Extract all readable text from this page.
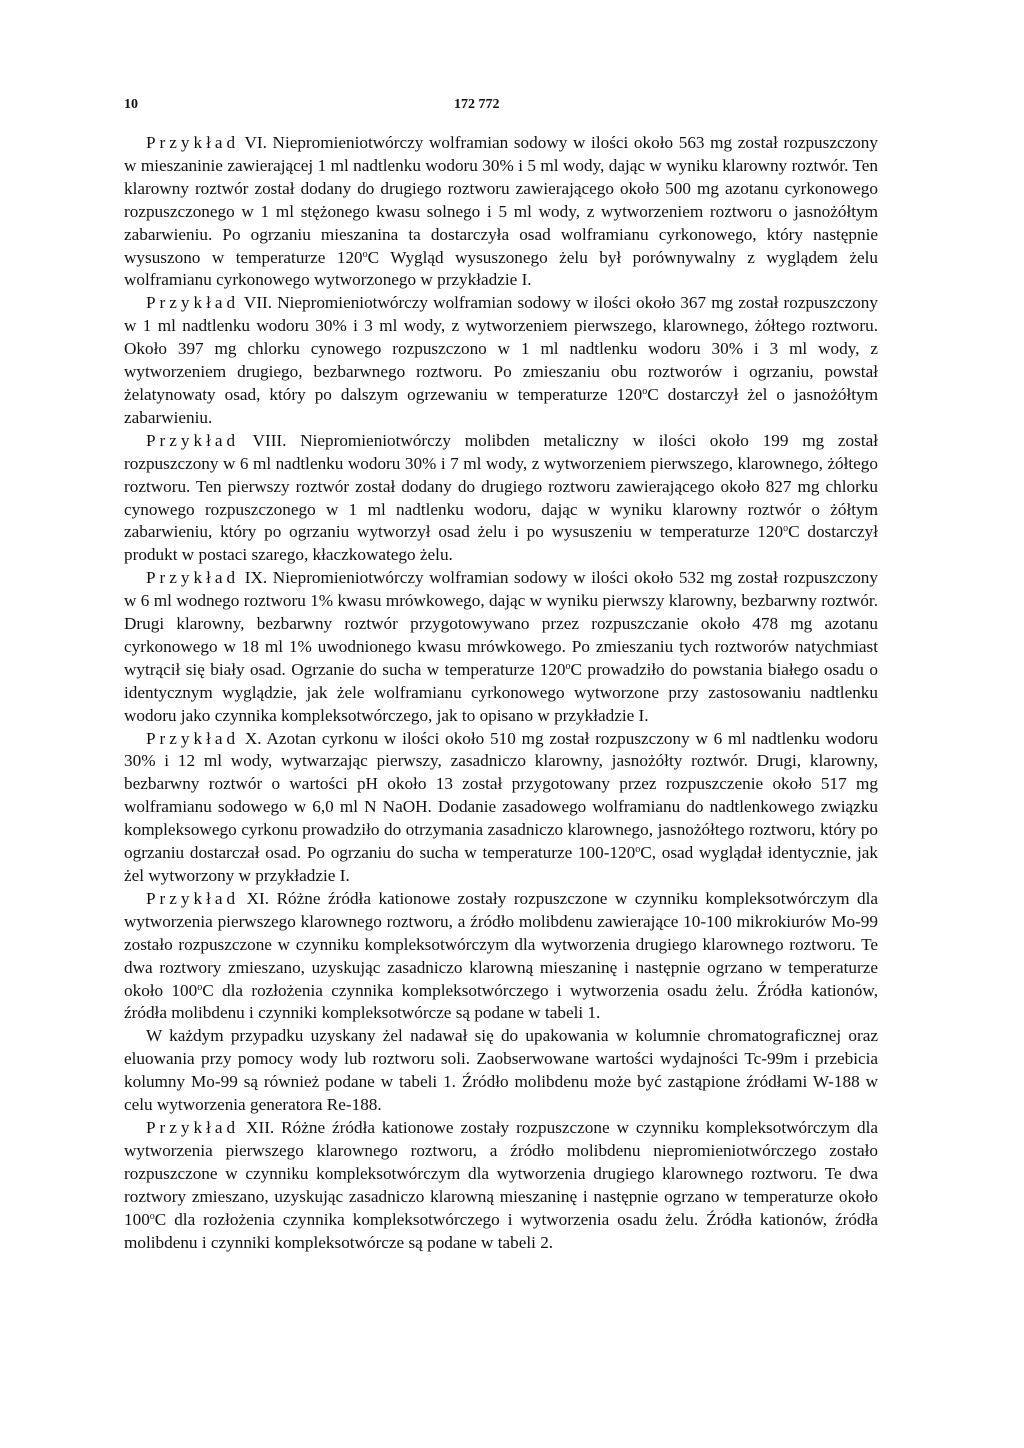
10	172 772

Przykład VI. Niepromieniotwórczy wolframian sodowy w ilości około 563 mg został rozpuszczony w mieszaninie zawierającej 1 ml nadtlenku wodoru 30% i 5 ml wody, dając w wyniku klarowny roztwór. Ten klarowny roztwór został dodany do drugiego roztworu zawierającego około 500 mg azotanu cyrkonowego rozpuszczonego w 1 ml stężonego kwasu solnego i 5 ml wody, z wytworzeniem roztworu o jasnożółtym zabarwieniu. Po ogrzaniu mieszanina ta dostarczyła osad wolframianu cyrkonowego, który następnie wysuszono w temperaturze 120$^o$C Wygląd wysuszonego żelu był porównywalny z wyglądem żelu wolframianu cyrkonowego wytworzonego w przykładzie I.

Przykład VII. Niepromieniotwórczy wolframian sodowy w ilości około 367 mg został rozpuszczony w 1 ml nadtlenku wodoru 30% i 3 ml wody, z wytworzeniem pierwszego, klarownego, żółtego roztworu. Około 397 mg chlorku cynowego rozpuszczono w 1 ml nadtlenku wodoru 30% i 3 ml wody, z wytworzeniem drugiego, bezbarwnego roztworu. Po zmieszaniu obu roztworów i ogrzaniu, powstał żelatynowaty osad, który po dalszym ogrzewaniu w temperaturze 120$^o$C dostarczył żel o jasnożółtym zabarwieniu.

Przykład VIII. Niepromieniotwórczy molibden metaliczny w ilości około 199 mg został rozpuszczony w 6 ml nadtlenku wodoru 30% i 7 ml wody, z wytworzeniem pierwszego, klarownego, żółtego roztworu. Ten pierwszy roztwór został dodany do drugiego roztworu zawierającego około 827 mg chlorku cynowego rozpuszczonego w 1 ml nadtlenku wodoru, dając w wyniku klarowny roztwór o żółtym zabarwieniu, który po ogrzaniu wytworzył osad żelu i po wysuszeniu w temperaturze 120$^o$C dostarczył produkt w postaci szarego, kłaczkowatego żelu.

Przykład IX. Niepromieniotwórczy wolframian sodowy w ilości około 532 mg został rozpuszczony w 6 ml wodnego roztworu 1% kwasu mrówkowego, dając w wyniku pierwszy klarowny, bezbarwny roztwór. Drugi klarowny, bezbarwny roztwór przygotowywano przez rozpuszczanie około 478 mg azotanu cyrkonowego w 18 ml 1% uwodnionego kwasu mrówkowego. Po zmieszaniu tych roztworów natychmiast wytrącił się biały osad. Ogrzanie do sucha w temperaturze 120$^o$C prowadziło do powstania białego osadu o identycznym wyglądzie, jak żele wolframianu cyrkonowego wytworzone przy zastosowaniu nadtlenku wodoru jako czynnika kompleksotwórczego, jak to opisano w przykładzie I.

Przykład X. Azotan cyrkonu w ilości około 510 mg został rozpuszczony w 6 ml nadtlenku wodoru 30% i 12 ml wody, wytwarzając pierwszy, zasadniczo klarowny, jasnożółty roztwór. Drugi, klarowny, bezbarwny roztwór o wartości pH około 13 został przygotowany przez rozpuszczenie około 517 mg wolframianu sodowego w 6,0 ml N NaOH. Dodanie zasadowego wolframianu do nadtlenkowego związku kompleksowego cyrkonu prowadziło do otrzymania zasadniczo klarownego, jasnożółtego roztworu, który po ogrzaniu dostarczał osad. Po ogrzaniu do sucha w temperaturze 100-120$^o$C, osad wyglądał identycznie, jak żel wytworzony w przykładzie I.

Przykład XI. Różne źródła kationowe zostały rozpuszczone w czynniku kompleksotwórczym dla wytworzenia pierwszego klarownego roztworu, a źródło molibdenu zawierające 10-100 mikrokiurów Mo-99 zostało rozpuszczone w czynniku kompleksotwórczym dla wytworzenia drugiego klarownego roztworu. Te dwa roztwory zmieszano, uzyskując zasadniczo klarowną mieszaninę i następnie ogrzano w temperaturze około 100$^o$C dla rozłożenia czynnika kompleksotwórczego i wytworzenia osadu żelu. Źródła kationów, źródła molibdenu i czynniki kompleksotwórcze są podane w tabeli 1.

W każdym przypadku uzyskany żel nadawał się do upakowania w kolumnie chromatograficznej oraz eluowania przy pomocy wody lub roztworu soli. Zaobserwowane wartości wydajności Tc-99m i przebicia kolumny Mo-99 są również podane w tabeli 1. Źródło molibdenu może być zastąpione źródłami W-188 w celu wytworzenia generatora Re-188.

Przykład XII. Różne źródła kationowe zostały rozpuszczone w czynniku kompleksotwórczym dla wytworzenia pierwszego klarownego roztworu, a źródło molibdenu niepromieniotwórczego zostało rozpuszczone w czynniku kompleksotwórczym dla wytworzenia drugiego klarownego roztworu. Te dwa roztwory zmieszano, uzyskując zasadniczo klarowną mieszaninę i następnie ogrzano w temperaturze około 100$^o$C dla rozłożenia czynnika kompleksotwórczego i wytworzenia osadu żelu. Źródła kationów, źródła molibdenu i czynniki kompleksotwórcze są podane w tabeli 2.
